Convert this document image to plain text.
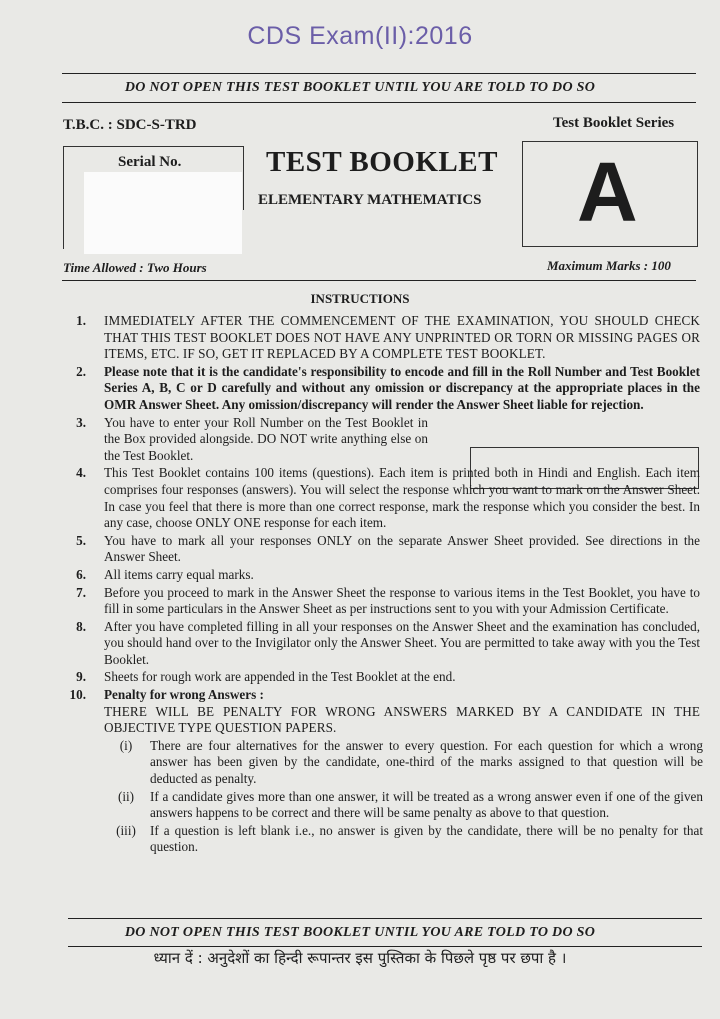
CDS Exam(II):2016
DO NOT OPEN THIS TEST BOOKLET UNTIL YOU ARE TOLD TO DO SO
T.B.C. : SDC-S-TRD	Test Booklet Series
Serial No.	TEST BOOKLET
ELEMENTARY MATHEMATICS A
Time Allowed : Two Hours	Maximum Marks : 100
INSTRUCTIONS
1. IMMEDIATELY AFTER THE COMMENCEMENT OF THE EXAMINATION, YOU SHOULD CHECK THAT THIS TEST BOOKLET DOES NOT HAVE ANY UNPRINTED OR TORN OR MISSING PAGES OR ITEMS, ETC. IF SO, GET IT REPLACED BY A COMPLETE TEST BOOKLET.
2. Please note that it is the candidate's responsibility to encode and fill in the Roll Number and Test Booklet Series A, B, C or D carefully and without any omission or discrepancy at the appropriate places in the OMR Answer Sheet. Any omission/discrepancy will render the Answer Sheet liable for rejection.
3. You have to enter your Roll Number on the Test Booklet in the Box provided alongside. DO NOT write anything else on the Test Booklet.
4. This Test Booklet contains 100 items (questions). Each item is printed both in Hindi and English. Each item comprises four responses (answers). You will select the response which you want to mark on the Answer Sheet. In case you feel that there is more than one correct response, mark the response which you consider the best. In any case, choose ONLY ONE response for each item.
5. You have to mark all your responses ONLY on the separate Answer Sheet provided. See directions in the Answer Sheet.
6. All items carry equal marks.
7. Before you proceed to mark in the Answer Sheet the response to various items in the Test Booklet, you have to fill in some particulars in the Answer Sheet as per instructions sent to you with your Admission Certificate.
8. After you have completed filling in all your responses on the Answer Sheet and the examination has concluded, you should hand over to the Invigilator only the Answer Sheet. You are permitted to take away with you the Test Booklet.
9. Sheets for rough work are appended in the Test Booklet at the end.
10. Penalty for wrong Answers :
THERE WILL BE PENALTY FOR WRONG ANSWERS MARKED BY A CANDIDATE IN THE OBJECTIVE TYPE QUESTION PAPERS.
(i)	There are four alternatives for the answer to every question. For each question for which a wrong answer has been given by the candidate, one-third of the marks assigned to that question will be deducted as penalty.
(ii) If a candidate gives more than one answer, it will be treated as a wrong answer even if one of the given answers happens to be correct and there will be same penalty as above to that question.
(iii) If a question is left blank i.e., no answer is given by the candidate, there will be no penalty for that question.
DO NOT OPEN THIS TEST BOOKLET UNTIL YOU ARE TOLD TO DO SO
ध्यान दें : अनुदेशों का हिन्दी रूपान्तर इस पुस्तिका के पिछले पृष्ठ पर छपा है ।
